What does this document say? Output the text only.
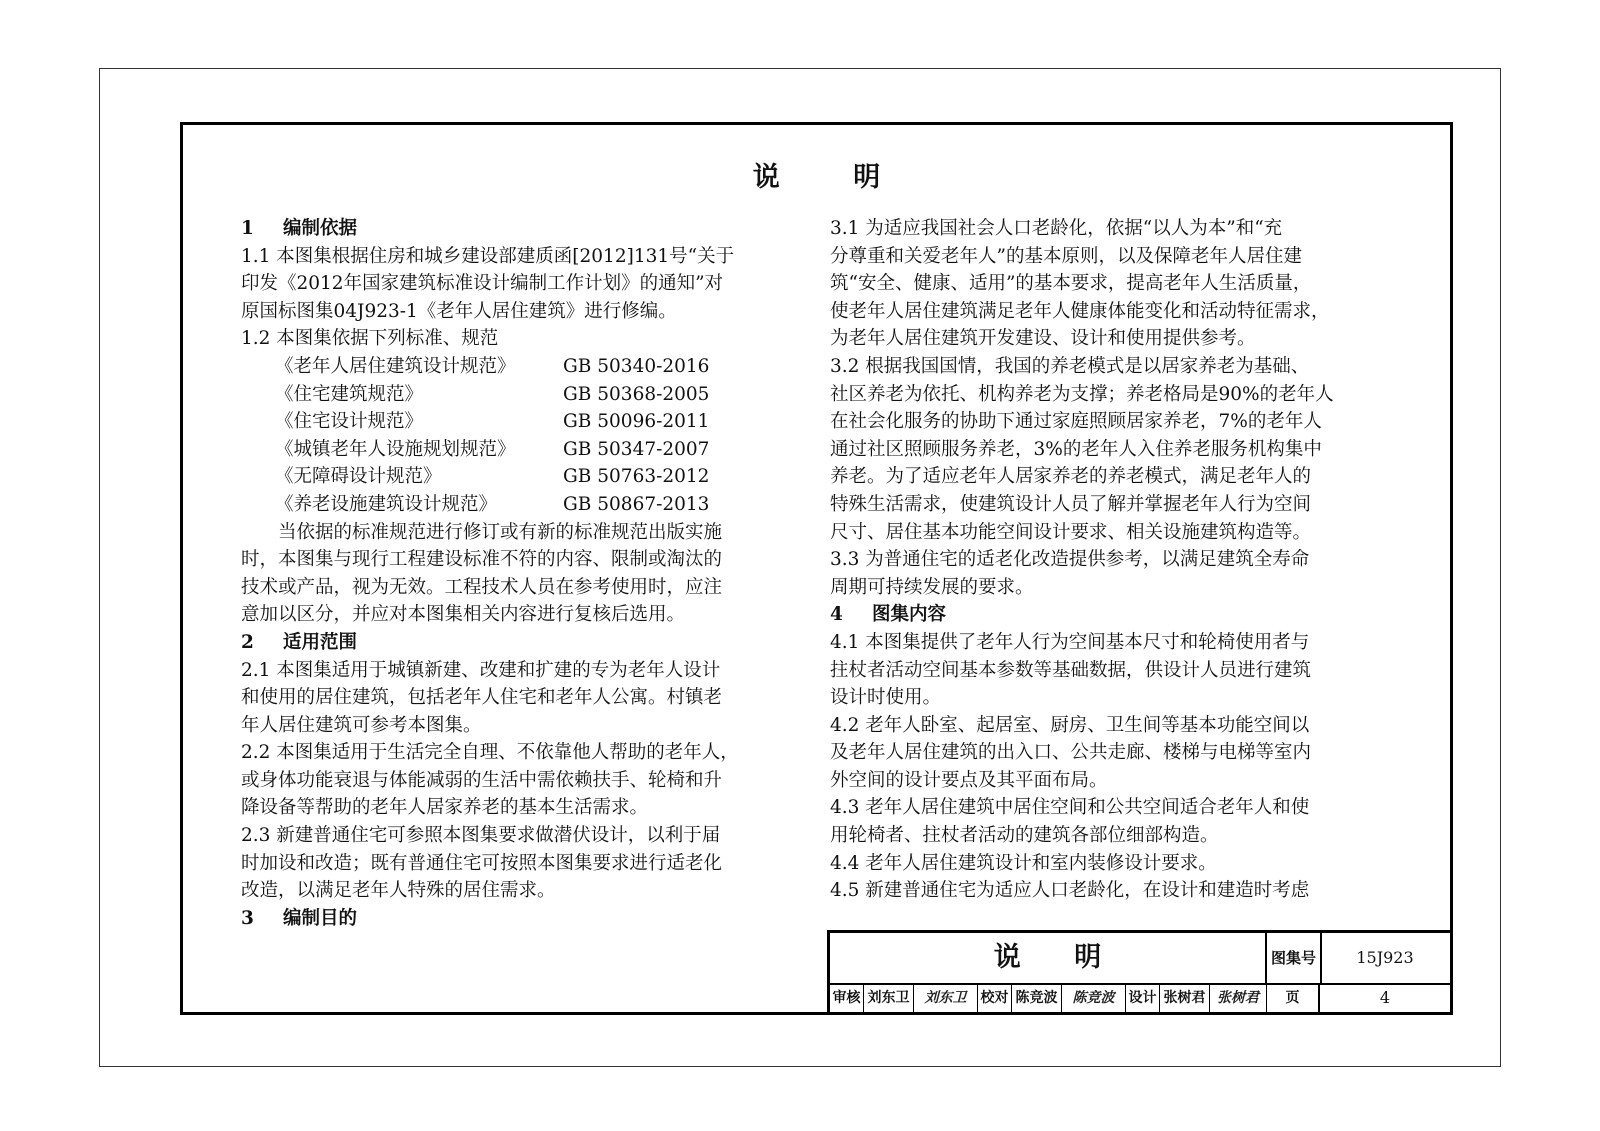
说 明
1 编制依据
1.1 本图集根据住房和城乡建设部建质函[2012]131号“关于
印发《2012年国家建筑标准设计编制工作计划》的通知”对
原国标图集04J923-1《老年人居住建筑》进行修编。
1.2 本图集依据下列标准、规范
《老年人居住建筑设计规范》	GB 50340-2016
《住宅建筑规范》	GB 50368-2005
《住宅设计规范》	GB 50096-2011
《城镇老年人设施规划规范》	GB 50347-2007
《无障碍设计规范》	GB 50763-2012
《养老设施建筑设计规范》	GB 50867-2013
当依据的标准规范进行修订或有新的标准规范出版实施
时，本图集与现行工程建设标准不符的内容、限制或淘汰的
技术或产品，视为无效。工程技术人员在参考使用时，应注
意加以区分，并应对本图集相关内容进行复核后选用。
2 适用范围
2.1 本图集适用于城镇新建、改建和扩建的专为老年人设计
和使用的居住建筑，包括老年人住宅和老年人公寓。村镇老
年人居住建筑可参考本图集。
2.2 本图集适用于生活完全自理、不依靠他人帮助的老年人，
或身体功能衰退与体能减弱的生活中需依赖扶手、轮椅和升
降设备等帮助的老年人居家养老的基本生活需求。
2.3 新建普通住宅可参照本图集要求做潜伏设计，以利于届
时加设和改造；既有普通住宅可按照本图集要求进行适老化
改造，以满足老年人特殊的居住需求。
3 编制目的
3.1 为适应我国社会人口老龄化，依据“以人为本”和“充
分尊重和关爱老年人”的基本原则，以及保障老年人居住建
筑“安全、健康、适用”的基本要求，提高老年人生活质量，
使老年人居住建筑满足老年人健康体能变化和活动特征需求，
为老年人居住建筑开发建设、设计和使用提供参考。
3.2 根据我国国情，我国的养老模式是以居家养老为基础、
社区养老为依托、机构养老为支撑；养老格局是90%的老年人
在社会化服务的协助下通过家庭照顾居家养老，7%的老年人
通过社区照顾服务养老，3%的老年人入住养老服务机构集中
养老。为了适应老年人居家养老的养老模式，满足老年人的
特殊生活需求，使建筑设计人员了解并掌握老年人行为空间
尺寸、居住基本功能空间设计要求、相关设施建筑构造等。
3.3 为普通住宅的适老化改造提供参考，以满足建筑全寿命
周期可持续发展的要求。
4 图集内容
4.1 本图集提供了老年人行为空间基本尺寸和轮椅使用者与
拄杖者活动空间基本参数等基础数据，供设计人员进行建筑
设计时使用。
4.2 老年人卧室、起居室、厨房、卫生间等基本功能空间以
及老年人居住建筑的出入口、公共走廊、楼梯与电梯等室内
外空间的设计要点及其平面布局。
4.3 老年人居住建筑中居住空间和公共空间适合老年人和使
用轮椅者、拄杖者活动的建筑各部位细部构造。
4.4 老年人居住建筑设计和室内装修设计要求。
4.5 新建普通住宅为适应人口老龄化，在设计和建造时考虑
说 明	图集号	15J923
审核 刘东卫	刘东卫	校对 陈竞波	陈竞波	设计 张树君 张树君	页	4
